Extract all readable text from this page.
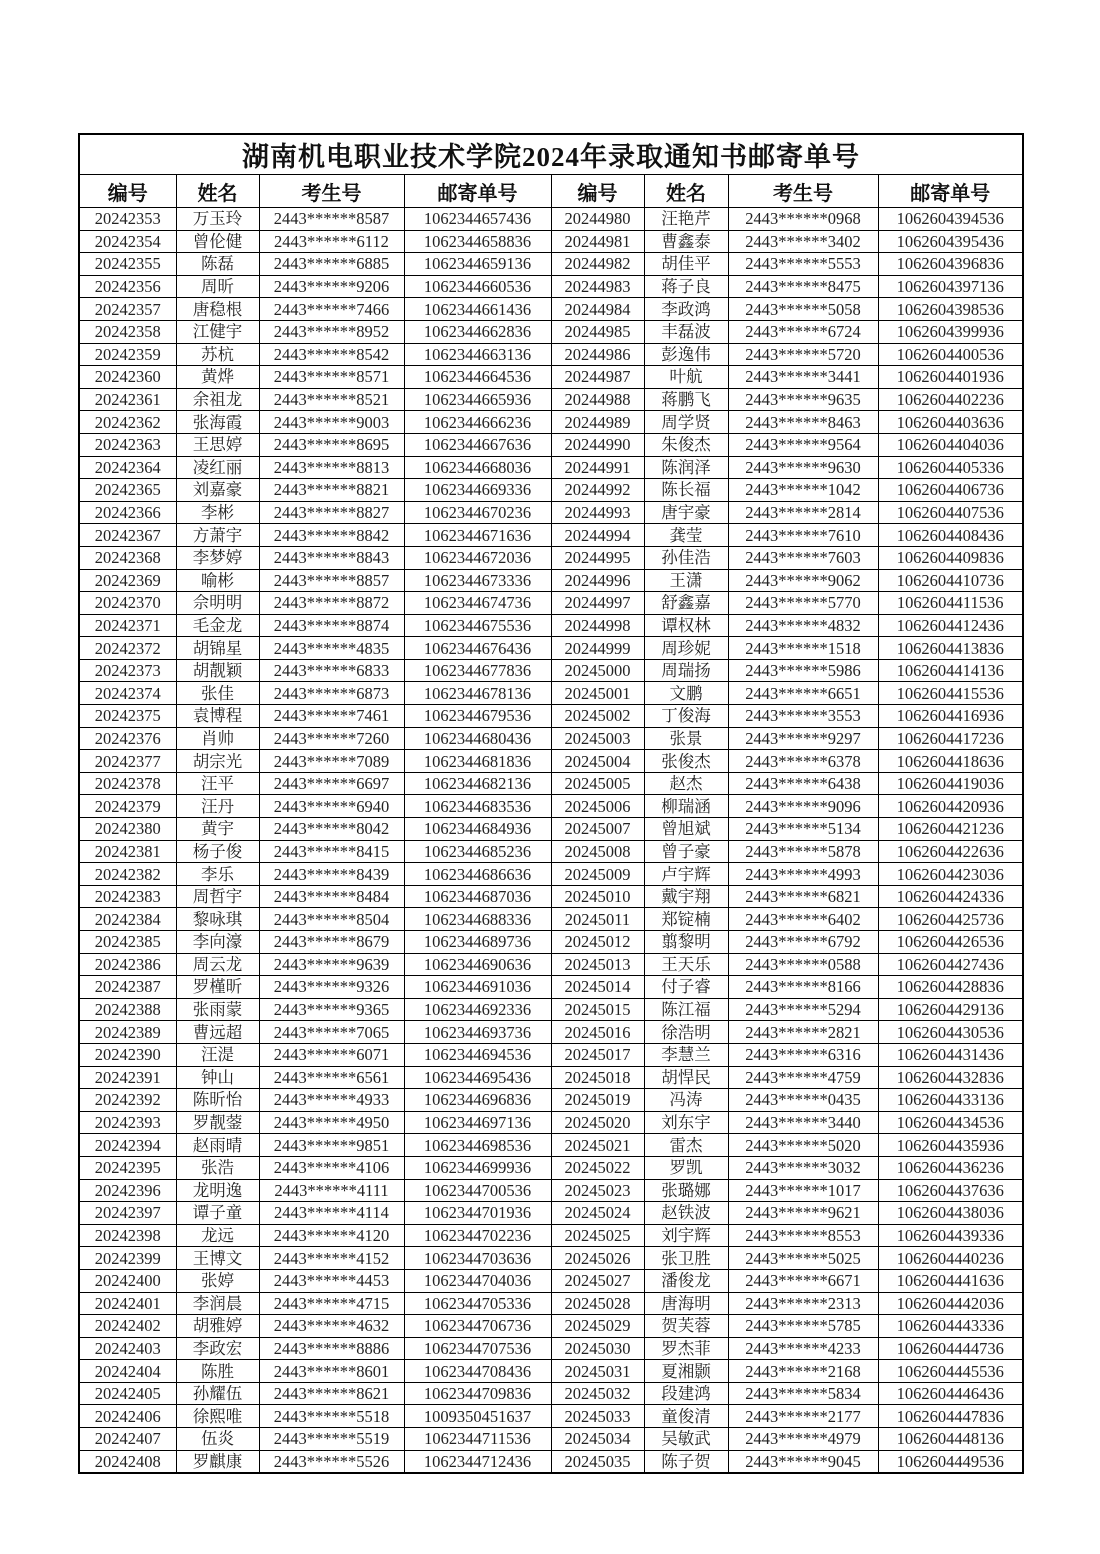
湖南机电职业技术学院2024年录取通知书邮寄单号							
编号	姓名	考生号	邮寄单号	编号	姓名	考生号	邮寄单号
20242353	万玉玲	2443******8587	1062344657436	20244980	汪艳芹	2443******0968	1062604394536
20242354	曾伦健	2443******6112	1062344658836	20244981	曹鑫泰	2443******3402	1062604395436
20242355	陈磊	2443******6885	1062344659136	20244982	胡佳平	2443******5553	1062604396836
20242356	周昕	2443******9206	1062344660536	20244983	蒋子良	2443******8475	1062604397136
20242357	唐稳根	2443******7466	1062344661436	20244984	李政鸿	2443******5058	1062604398536
20242358	江健宇	2443******8952	1062344662836	20244985	丰磊波	2443******6724	1062604399936
20242359	苏杭	2443******8542	1062344663136	20244986	彭逸伟	2443******5720	1062604400536
20242360	黄烨	2443******8571	1062344664536	20244987	叶航	2443******3441	1062604401936
20242361	余祖龙	2443******8521	1062344665936	20244988	蒋鹏飞	2443******9635	1062604402236
20242362	张海霞	2443******9003	1062344666236	20244989	周学贤	2443******8463	1062604403636
20242363	王思婷	2443******8695	1062344667636	20244990	朱俊杰	2443******9564	1062604404036
20242364	凌红丽	2443******8813	1062344668036	20244991	陈润泽	2443******9630	1062604405336
20242365	刘嘉豪	2443******8821	1062344669336	20244992	陈长福	2443******1042	1062604406736
20242366	李彬	2443******8827	1062344670236	20244993	唐宇豪	2443******2814	1062604407536
20242367	方萧宇	2443******8842	1062344671636	20244994	龚莹	2443******7610	1062604408436
20242368	李梦婷	2443******8843	1062344672036	20244995	孙佳浩	2443******7603	1062604409836
20242369	喻彬	2443******8857	1062344673336	20244996	王潇	2443******9062	1062604410736
20242370	佘明明	2443******8872	1062344674736	20244997	舒鑫嘉	2443******5770	1062604411536
20242371	毛金龙	2443******8874	1062344675536	20244998	谭权林	2443******4832	1062604412436
20242372	胡锦星	2443******4835	1062344676436	20244999	周珍妮	2443******1518	1062604413836
20242373	胡靓颖	2443******6833	1062344677836	20245000	周瑞扬	2443******5986	1062604414136
20242374	张佳	2443******6873	1062344678136	20245001	文鹏	2443******6651	1062604415536
20242375	袁博程	2443******7461	1062344679536	20245002	丁俊海	2443******3553	1062604416936
20242376	肖帅	2443******7260	1062344680436	20245003	张景	2443******9297	1062604417236
20242377	胡宗光	2443******7089	1062344681836	20245004	张俊杰	2443******6378	1062604418636
20242378	汪平	2443******6697	1062344682136	20245005	赵杰	2443******6438	1062604419036
20242379	汪丹	2443******6940	1062344683536	20245006	柳瑞涵	2443******9096	1062604420936
20242380	黄宇	2443******8042	1062344684936	20245007	曾旭斌	2443******5134	1062604421236
20242381	杨子俊	2443******8415	1062344685236	20245008	曾子豪	2443******5878	1062604422636
20242382	李乐	2443******8439	1062344686636	20245009	卢宇辉	2443******4993	1062604423036
20242383	周哲宇	2443******8484	1062344687036	20245010	戴宇翔	2443******6821	1062604424336
20242384	黎咏琪	2443******8504	1062344688336	20245011	郑锭楠	2443******6402	1062604425736
20242385	李向濠	2443******8679	1062344689736	20245012	翦黎明	2443******6792	1062604426536
20242386	周云龙	2443******9639	1062344690636	20245013	王天乐	2443******0588	1062604427436
20242387	罗槿昕	2443******9326	1062344691036	20245014	付子睿	2443******8166	1062604428836
20242388	张雨蒙	2443******9365	1062344692336	20245015	陈江福	2443******5294	1062604429136
20242389	曹远超	2443******7065	1062344693736	20245016	徐浩明	2443******2821	1062604430536
20242390	汪湜	2443******6071	1062344694536	20245017	李慧兰	2443******6316	1062604431436
20242391	钟山	2443******6561	1062344695436	20245018	胡悍民	2443******4759	1062604432836
20242392	陈昕怡	2443******4933	1062344696836	20245019	冯涛	2443******0435	1062604433136
20242393	罗靓蓥	2443******4950	1062344697136	20245020	刘东宇	2443******3440	1062604434536
20242394	赵雨晴	2443******9851	1062344698536	20245021	雷杰	2443******5020	1062604435936
20242395	张浩	2443******4106	1062344699936	20245022	罗凯	2443******3032	1062604436236
20242396	龙明逸	2443******4111	1062344700536	20245023	张璐娜	2443******1017	1062604437636
20242397	谭子童	2443******4114	1062344701936	20245024	赵铁波	2443******9621	1062604438036
20242398	龙远	2443******4120	1062344702236	20245025	刘宇辉	2443******8553	1062604439336
20242399	王博文	2443******4152	1062344703636	20245026	张卫胜	2443******5025	1062604440236
20242400	张婷	2443******4453	1062344704036	20245027	潘俊龙	2443******6671	1062604441636
20242401	李润晨	2443******4715	1062344705336	20245028	唐海明	2443******2313	1062604442036
20242402	胡雅婷	2443******4632	1062344706736	20245029	贺芙蓉	2443******5785	1062604443336
20242403	李政宏	2443******8886	1062344707536	20245030	罗杰菲	2443******4233	1062604444736
20242404	陈胜	2443******8601	1062344708436	20245031	夏湘颢	2443******2168	1062604445536
20242405	孙耀伍	2443******8621	1062344709836	20245032	段建鸿	2443******5834	1062604446436
20242406	徐熙唯	2443******5518	1009350451637	20245033	童俊清	2443******2177	1062604447836
20242407	伍炎	2443******5519	1062344711536	20245034	吴敏武	2443******4979	1062604448136
20242408	罗麒康	2443******5526	1062344712436	20245035	陈子贺	2443******9045	1062604449536
